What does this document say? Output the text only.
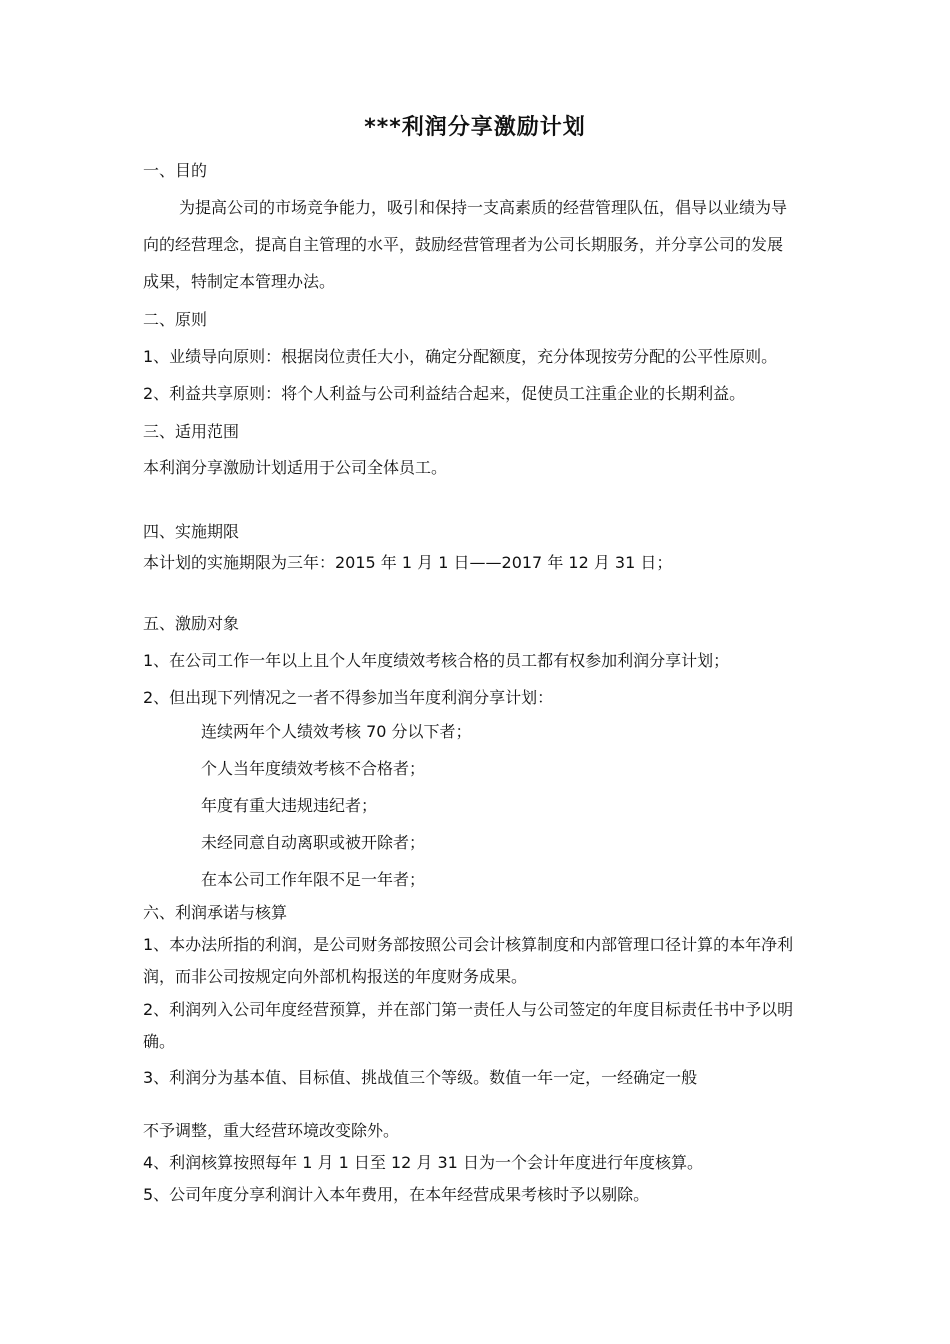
***利润分享激励计划
一、目的
为提高公司的市场竞争能力，吸引和保持一支高素质的经营管理队伍，倡导以业绩为导
向的经营理念，提高自主管理的水平，鼓励经营管理者为公司长期服务，并分享公司的发展
成果，特制定本管理办法。
二、原则
1、业绩导向原则：根据岗位责任大小，确定分配额度，充分体现按劳分配的公平性原则。
2、利益共享原则：将个人利益与公司利益结合起来，促使员工注重企业的长期利益。
三、适用范围
本利润分享激励计划适用于公司全体员工。
四、实施期限
本计划的实施期限为三年：2015 年 1 月 1 日——2017 年 12 月 31 日；
五、激励对象
1、在公司工作一年以上且个人年度绩效考核合格的员工都有权参加利润分享计划；
2、但出现下列情况之一者不得参加当年度利润分享计划：
连续两年个人绩效考核 70 分以下者；
个人当年度绩效考核不合格者；
年度有重大违规违纪者；
未经同意自动离职或被开除者；
在本公司工作年限不足一年者；
六、利润承诺与核算
1、本办法所指的利润，是公司财务部按照公司会计核算制度和内部管理口径计算的本年净利
润，而非公司按规定向外部机构报送的年度财务成果。
2、利润列入公司年度经营预算，并在部门第一责任人与公司签定的年度目标责任书中予以明
确。
3、利润分为基本值、目标值、挑战值三个等级。数值一年一定，一经确定一般
不予调整，重大经营环境改变除外。
4、利润核算按照每年 1 月 1 日至 12 月 31 日为一个会计年度进行年度核算。
5、公司年度分享利润计入本年费用，在本年经营成果考核时予以剔除。
